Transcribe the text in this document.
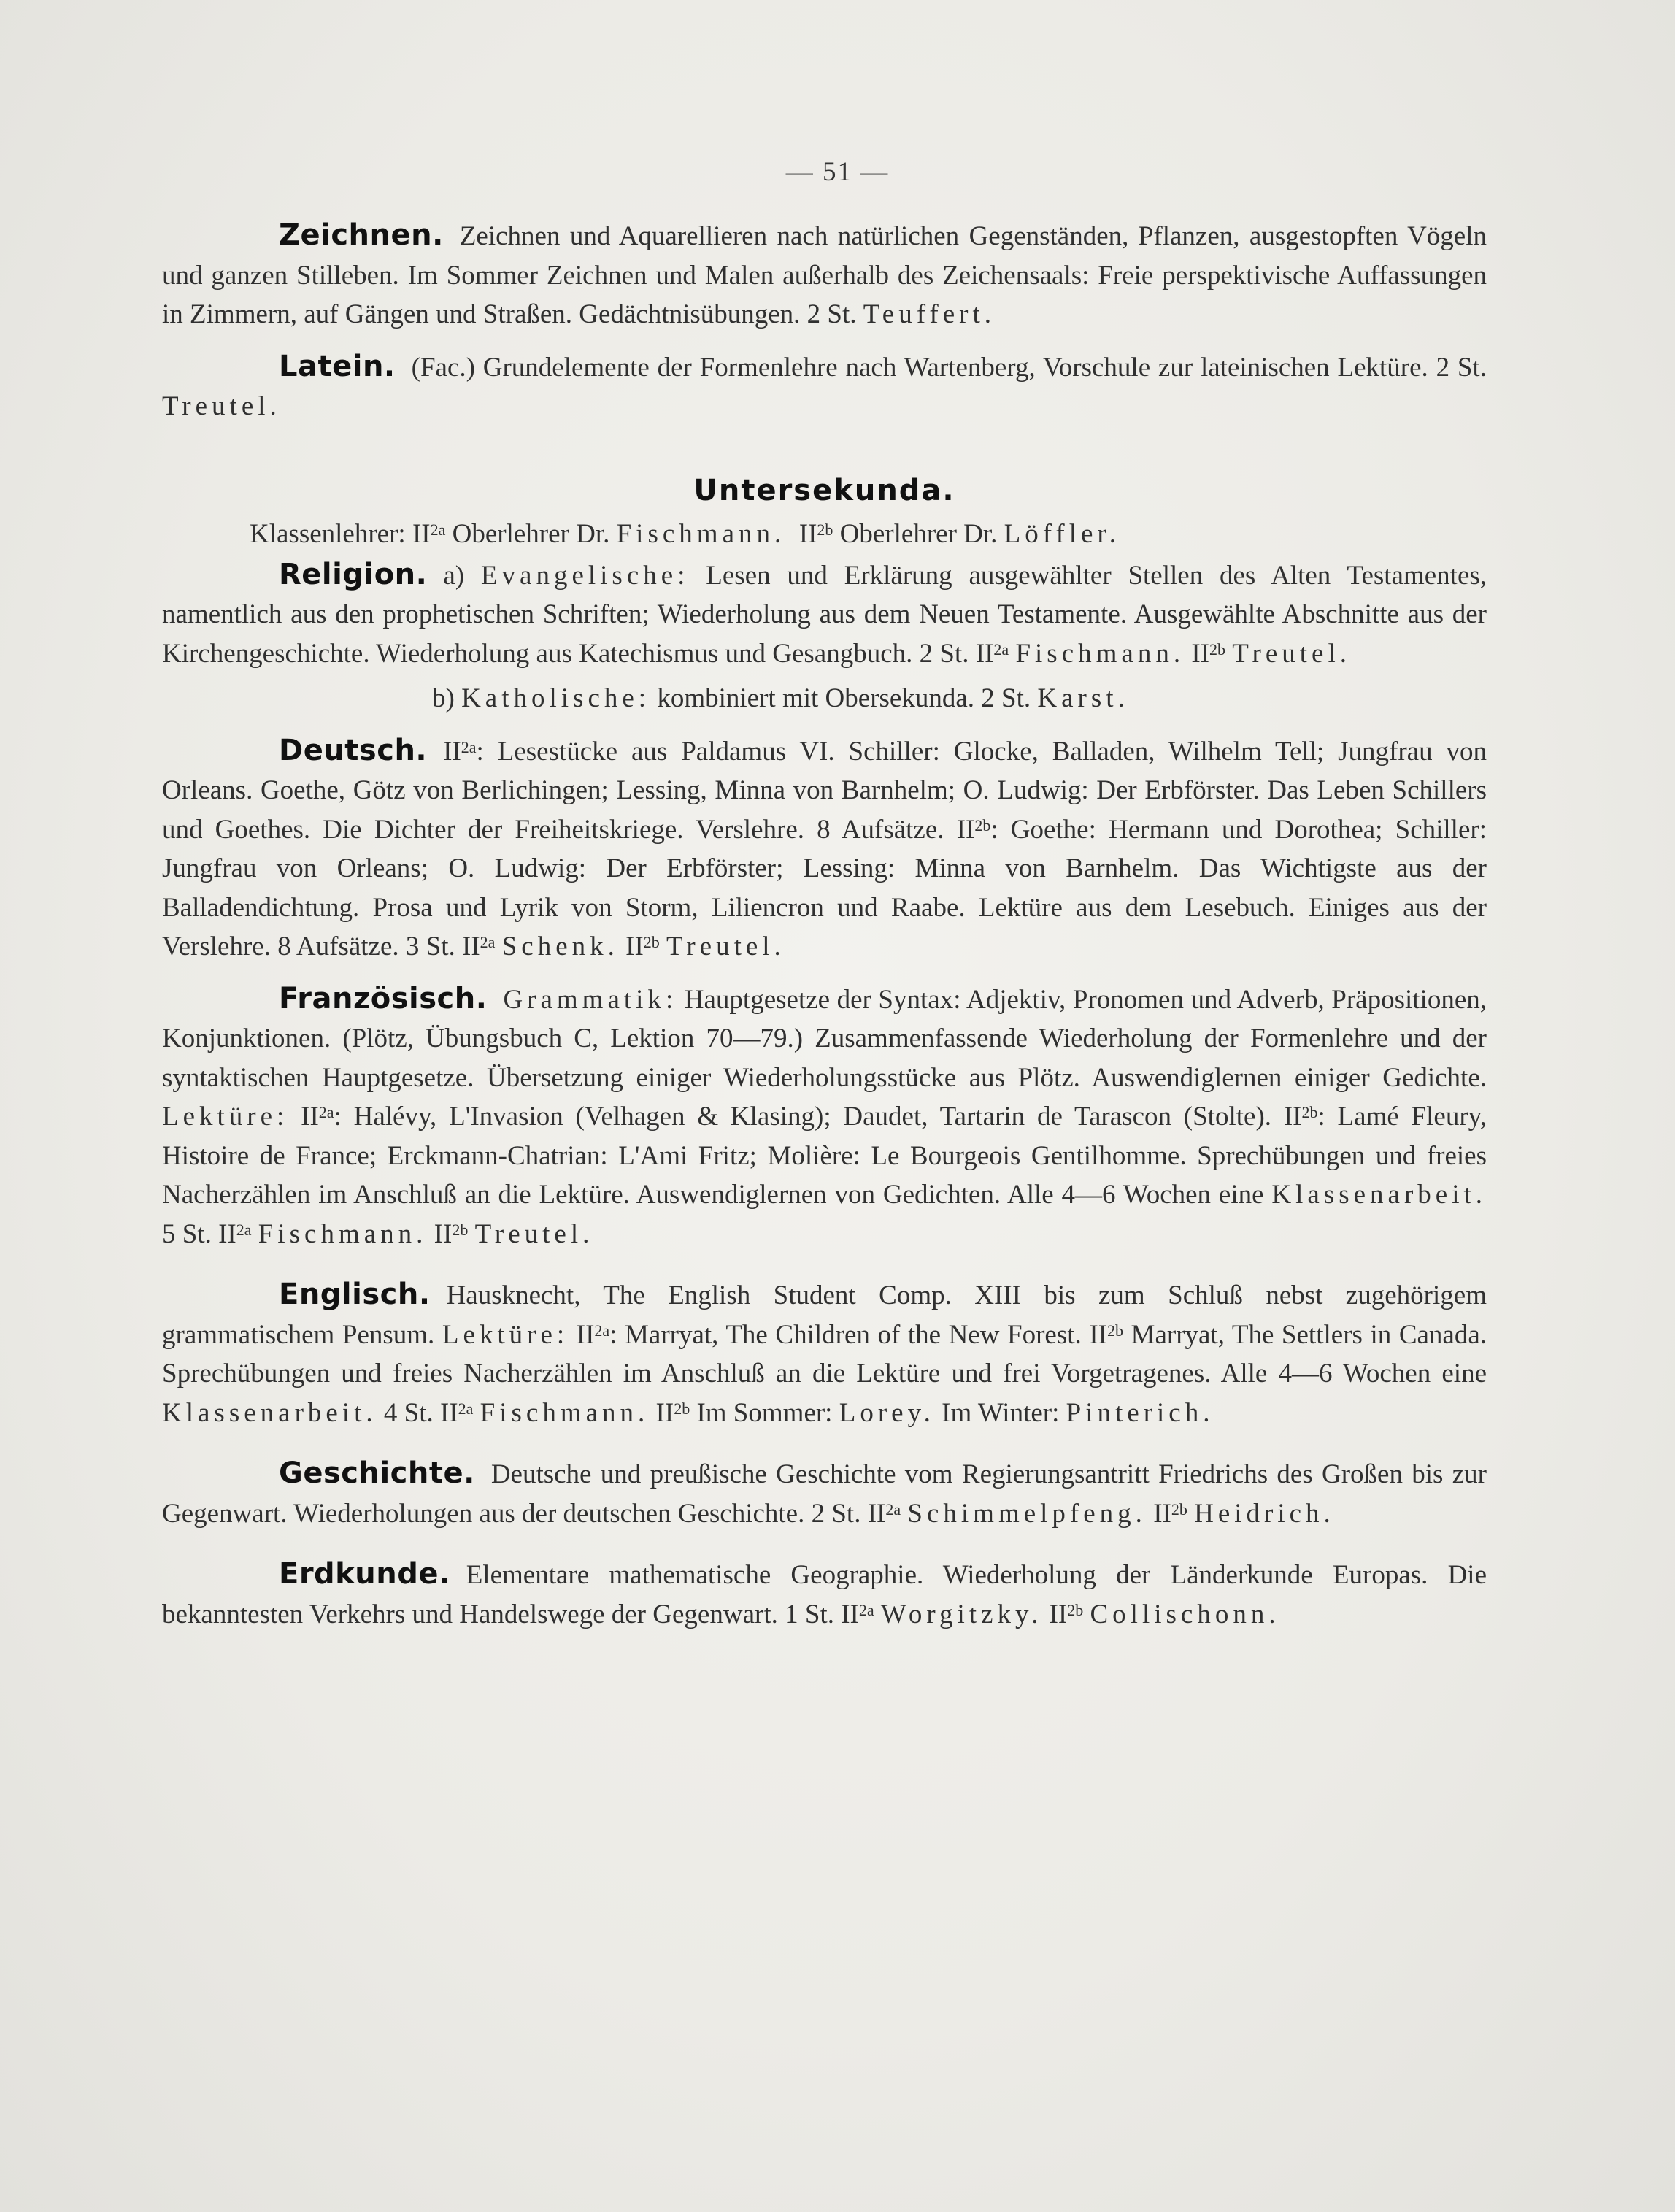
— 51 —

Zeichnen. Zeichnen und Aquarellieren nach natürlichen Gegenständen, Pflanzen, ausgestopften Vögeln und ganzen Stilleben. Im Sommer Zeichnen und Malen außerhalb des Zeichensaals: Freie perspektivische Auffassungen in Zimmern, auf Gängen und Straßen. Gedächtnisübungen. 2 St. Teuffert.

Latein. (Fac.) Grundelemente der Formenlehre nach Wartenberg, Vorschule zur lateinischen Lektüre. 2 St. Treutel.

Untersekunda.
Klassenlehrer: $II^{2a}$ Oberlehrer Dr. Fischmann. $II^{2b}$ Oberlehrer Dr. Löffler.

Religion. a) Evangelische: Lesen und Erklärung ausgewählter Stellen des Alten Testamentes, namentlich aus den prophetischen Schriften; Wiederholung aus dem Neuen Testamente. Ausgewählte Abschnitte aus der Kirchengeschichte. Wiederholung aus Katechismus und Gesangbuch. 2 St. $II^{2a}$ Fischmann. $II^{2b}$ Treutel.

b) Katholische: kombiniert mit Obersekunda. 2 St. Karst.

Deutsch. $II^{2a}$: Lesestücke aus Paldamus VI. Schiller: Glocke, Balladen, Wilhelm Tell; Jungfrau von Orleans. Goethe, Götz von Berlichingen; Lessing, Minna von Barnhelm; O. Ludwig: Der Erbförster. Das Leben Schillers und Goethes. Die Dichter der Freiheitskriege. Verslehre. 8 Aufsätze. $II^{2b}$: Goethe: Hermann und Dorothea; Schiller: Jungfrau von Orleans; O. Ludwig: Der Erbförster; Lessing: Minna von Barnhelm. Das Wichtigste aus der Balladendichtung. Prosa und Lyrik von Storm, Liliencron und Raabe. Lektüre aus dem Lesebuch. Einiges aus der Verslehre. 8 Aufsätze. 3 St. $II^{2a}$ Schenk. $II^{2b}$ Treutel.

Französisch. Grammatik: Hauptgesetze der Syntax: Adjektiv, Pronomen und Adverb, Präpositionen, Konjunktionen. (Plötz, Übungsbuch C, Lektion 70—79.) Zusammenfassende Wiederholung der Formenlehre und der syntaktischen Hauptgesetze. Übersetzung einiger Wiederholungsstücke aus Plötz. Auswendiglernen einiger Gedichte. Lektüre: $II^{2a}$: Halévy, L'Invasion (Velhagen & Klasing); Daudet, Tartarin de Tarascon (Stolte). $II^{2b}$: Lamé Fleury, Histoire de France; Erckmann-Chatrian: L'Ami Fritz; Molière: Le Bourgeois Gentilhomme. Sprechübungen und freies Nacherzählen im Anschluß an die Lektüre. Auswendiglernen von Gedichten. Alle 4—6 Wochen eine Klassenarbeit. 5 St. $II^{2a}$ Fischmann. $II^{2b}$ Treutel.

Englisch. Hausknecht, The English Student Comp. XIII bis zum Schluß nebst zugehörigem grammatischem Pensum. Lektüre: $II^{2a}$: Marryat, The Children of the New Forest. $II^{2b}$ Marryat, The Settlers in Canada. Sprechübungen und freies Nacherzählen im Anschluß an die Lektüre und frei Vorgetragenes. Alle 4—6 Wochen eine Klassenarbeit. 4 St. $II^{2a}$ Fischmann. $II^{2b}$ Im Sommer: Lorey. Im Winter: Pinterich.

Geschichte. Deutsche und preußische Geschichte vom Regierungsantritt Friedrichs des Großen bis zur Gegenwart. Wiederholungen aus der deutschen Geschichte. 2 St. $II^{2a}$ Schimmelpfeng. $II^{2b}$ Heidrich.

Erdkunde. Elementare mathematische Geographie. Wiederholung der Länderkunde Europas. Die bekanntesten Verkehrs und Handelswege der Gegenwart. 1 St. $II^{2a}$ Worgitzky. $II^{2b}$ Collischonn.
